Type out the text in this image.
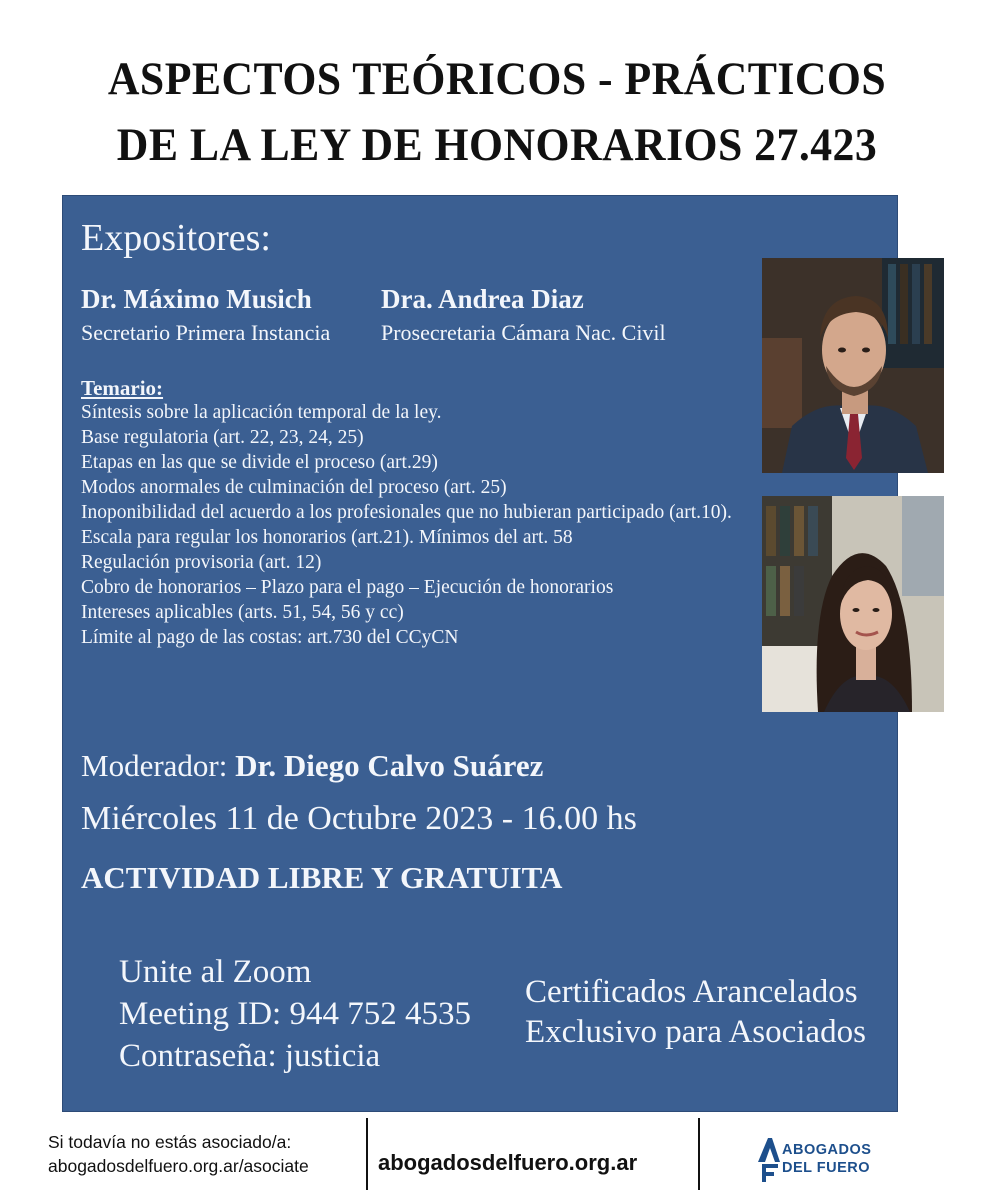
ASPECTOS TEÓRICOS - PRÁCTICOS
DE LA LEY DE HONORARIOS 27.423
Expositores:
Dr. Máximo Musich
Secretario Primera Instancia
Dra. Andrea Diaz
Prosecretaria Cámara Nac. Civil
Temario:
Síntesis sobre la aplicación temporal de la ley.
Base regulatoria (art. 22, 23, 24, 25)
Etapas en las que se divide el proceso (art.29)
Modos anormales de culminación del proceso (art. 25)
Inoponibilidad del acuerdo a los profesionales que no hubieran participado (art.10).
Escala para regular los honorarios (art.21). Mínimos del art. 58
Regulación provisoria (art. 12)
Cobro de honorarios – Plazo para el pago – Ejecución de honorarios
Intereses aplicables (arts. 51, 54, 56 y cc)
Límite al pago de las costas: art.730 del CCyCN
Moderador: Dr. Diego Calvo Suárez
Miércoles 11 de Octubre 2023 - 16.00 hs
ACTIVIDAD LIBRE Y GRATUITA
Unite al Zoom
Meeting ID: 944 752 4535
Contraseña: justicia
Certificados Arancelados
Exclusivo para Asociados
Si todavía no estás asociado/a:
abogadosdelfuero.org.ar/asociate	abogadosdelfuero.org.ar	ABOGADOS
DEL FUERO
